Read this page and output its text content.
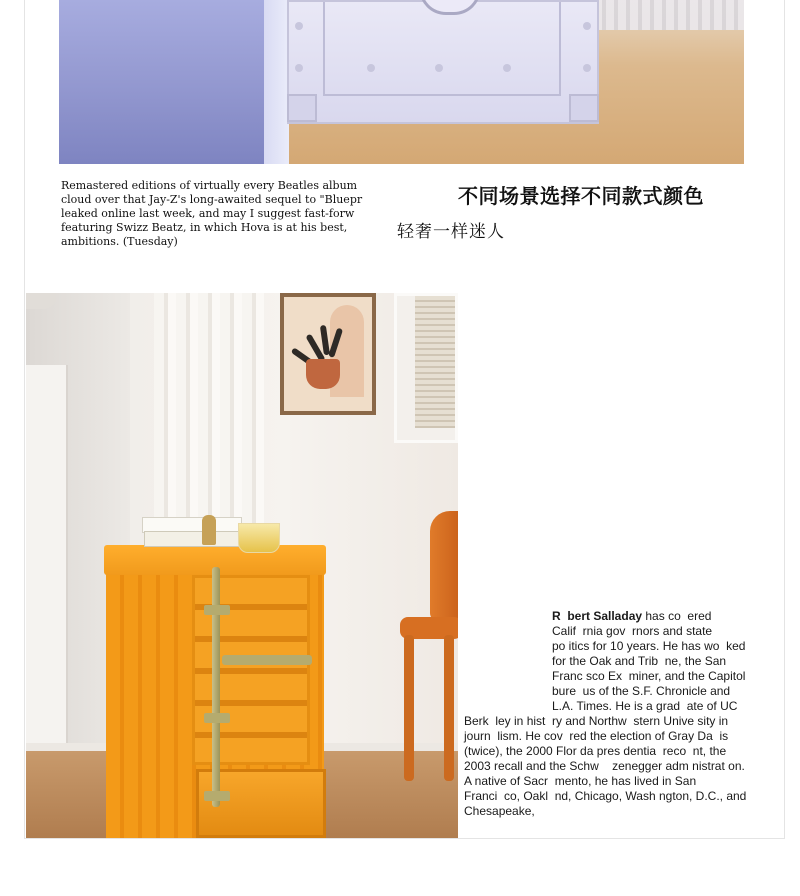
Remastered editions of virtually every Beatles album
cloud over that Jay-Z's long-awaited sequel to "Bluepr
leaked online last week, and may I suggest fast-forw
featuring Swizz Beatz, in which Hova is at his best,
ambitions. (Tuesday)

不同场景选择不同款式颜色

轻奢一样迷人

R  bert Salladay has co  ered
Calif  rnia gov  rnors and state
po itics for 10 years. He has wo  ked
for the Oak and Trib  ne, the San
Franc sco Ex  miner, and the Capitol
bure  us of the S.F. Chronicle and
L.A. Times. He is a grad  ate of UC

Berk  ley in hist  ry and Northw  stern Unive sity in
journ  lism. He cov  red the election of Gray Da  is
(twice), the 2000 Flor da pres dentia  reco  nt, the
2003 recall and the Schw    zenegger adm nistrat on.
A native of Sacr  mento, he has lived in San
Franci  co, Oakl  nd, Chicago, Wash ngton, D.C., and
Chesapeake,
